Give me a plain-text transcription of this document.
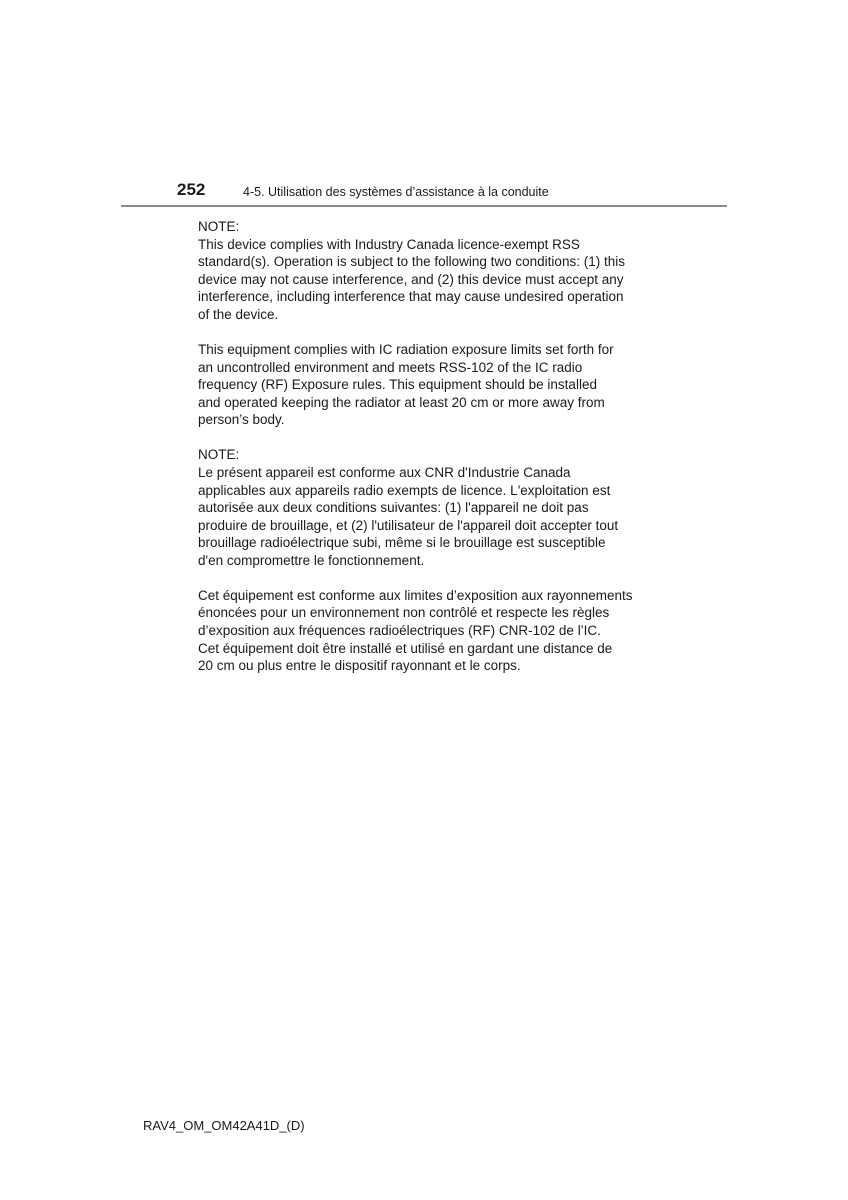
252	4-5. Utilisation des systèmes d’assistance à la conduite
NOTE:
This device complies with Industry Canada licence-exempt RSS
standard(s). Operation is subject to the following two conditions: (1) this
device may not cause interference, and (2) this device must accept any
interference, including interference that may cause undesired operation
of the device.
This equipment complies with IC radiation exposure limits set forth for
an uncontrolled environment and meets RSS-102 of the IC radio
frequency (RF) Exposure rules. This equipment should be installed
and operated keeping the radiator at least 20 cm or more away from
person’s body.
NOTE:
Le présent appareil est conforme aux CNR d'Industrie Canada
applicables aux appareils radio exempts de licence. L'exploitation est
autorisée aux deux conditions suivantes: (1) l'appareil ne doit pas
produire de brouillage, et (2) l'utilisateur de l'appareil doit accepter tout
brouillage radioélectrique subi, même si le brouillage est susceptible
d'en compromettre le fonctionnement.
Cet équipement est conforme aux limites d’exposition aux rayonnements
énoncées pour un environnement non contrôlé et respecte les règles
d’exposition aux fréquences radioélectriques (RF) CNR-102 de l’IC.
Cet équipement doit être installé et utilisé en gardant une distance de
20 cm ou plus entre le dispositif rayonnant et le corps.
RAV4_OM_OM42A41D_(D)
